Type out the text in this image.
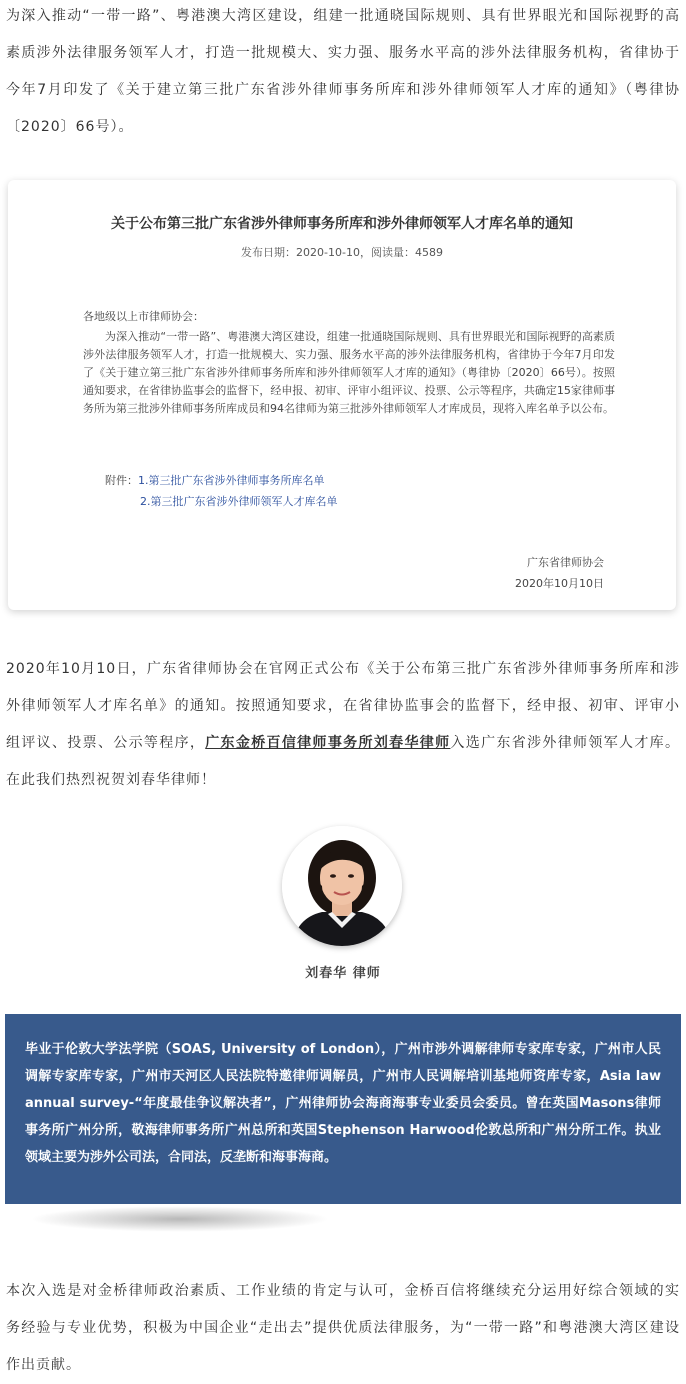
为深入推动“一带一路”、粤港澳大湾区建设，组建一批通晓国际规则、具有世界眼光和国际视野的高素质涉外法律服务领军人才，打造一批规模大、实力强、服务水平高的涉外法律服务机构，省律协于今年7月印发了《关于建立第三批广东省涉外律师事务所库和涉外律师领军人才库的通知》（粤律协〔2020〕66号）。

关于公布第三批广东省涉外律师事务所库和涉外律师领军人才库名单的通知
发布日期：2020-10-10，阅读量：4589
各地级以上市律师协会：

为深入推动“一带一路”、粤港澳大湾区建设，组建一批通晓国际规则、具有世界眼光和国际视野的高素质涉外法律服务领军人才，打造一批规模大、实力强、服务水平高的涉外法律服务机构，省律协于今年7月印发了《关于建立第三批广东省涉外律师事务所库和涉外律师领军人才库的通知》（粤律协〔2020〕66号）。按照通知要求，在省律协监事会的监督下，经申报、初审、评审小组评议、投票、公示等程序，共确定15家律师事务所为第三批涉外律师事务所库成员和94名律师为第三批涉外律师领军人才库成员，现将入库名单予以公布。

附件：1.第三批广东省涉外律师事务所库名单
2.第三批广东省涉外律师领军人才库名单
广东省律师协会
2020年10月10日

2020年10月10日，广东省律师协会在官网正式公布《关于公布第三批广东省涉外律师事务所库和涉外律师领军人才库名单》的通知。按照通知要求，在省律协监事会的监督下，经申报、初审、评审小组评议、投票、公示等程序，广东金桥百信律师事务所刘春华律师入选广东省涉外律师领军人才库。在此我们热烈祝贺刘春华律师！

刘春华 律师

毕业于伦敦大学法学院（SOAS, University of London），广州市涉外调解律师专家库专家，广州市人民调解专家库专家，广州市天河区人民法院特邀律师调解员，广州市人民调解培训基地师资库专家，Asia law annual survey-“年度最佳争议解决者”，广州律师协会海商海事专业委员会委员。曾在英国Masons律师事务所广州分所，敬海律师事务所广州总所和英国Stephenson Harwood伦敦总所和广州分所工作。执业领域主要为涉外公司法，合同法，反垄断和海事海商。

本次入选是对金桥律师政治素质、工作业绩的肯定与认可，金桥百信将继续充分运用好综合领域的实务经验与专业优势，积极为中国企业“走出去”提供优质法律服务，为“一带一路”和粤港澳大湾区建设作出贡献。
